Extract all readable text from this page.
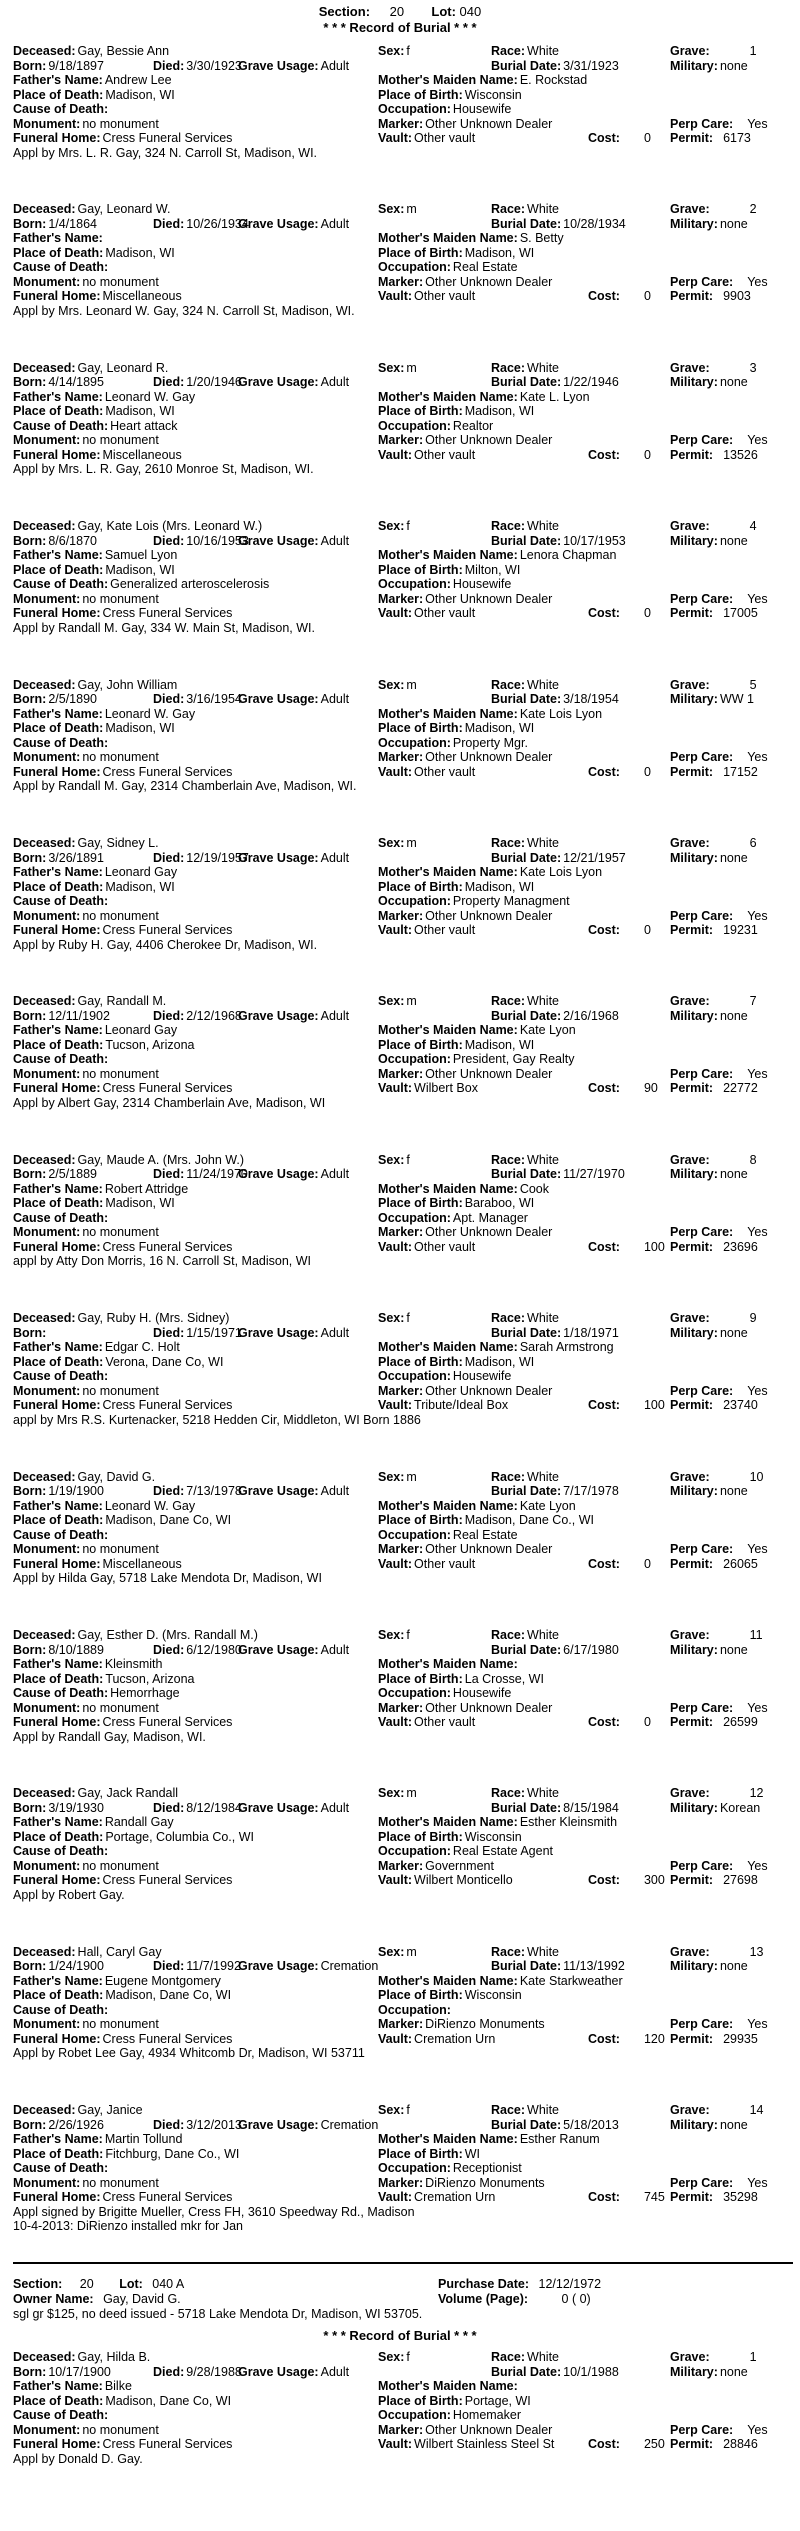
Section: 20 Lot: 040
* * * Record of Burial * * *
Deceased: Gay, Bessie Ann
Born: 9/18/1897	Died: 3/30/1923
Grave Usage: Adult
Father's Name: Andrew Lee
Place of Death: Madison, WI
Cause of Death:
Monument: no monument
Funeral Home: Cress Funeral Services
Sex: f	Race: White
Burial Date: 3/31/1923
Mother's Maiden Name: E. Rockstad
Place of Birth: Wisconsin
Occupation: Housewife
Marker: Other Unknown Dealer
Vault: Other vault	Cost: 0
Grave:	1
Military: none
Perp Care: Yes
Permit: 6173
Appl by Mrs. L. R. Gay, 324 N. Carroll St, Madison, WI.
Deceased: Gay, Leonard W.
Born: 1/4/1864	Died: 10/26/1934
Grave Usage: Adult
Father's Name:
Place of Death: Madison, WI
Cause of Death:
Monument: no monument
Funeral Home: Miscellaneous
Sex: m	Race: White
Burial Date: 10/28/1934
Mother's Maiden Name: S. Betty
Place of Birth: Madison, WI
Occupation: Real Estate
Marker: Other Unknown Dealer
Vault: Other vault	Cost: 0
Grave:	2
Military: none
Perp Care: Yes
Permit: 9903
Appl by Mrs. Leonard W. Gay, 324 N. Carroll St, Madison, WI.
Deceased: Gay, Leonard R.
Born: 4/14/1895	Died: 1/20/1946
Grave Usage: Adult
Father's Name: Leonard W. Gay
Place of Death: Madison, WI
Cause of Death: Heart attack
Monument: no monument
Funeral Home: Miscellaneous
Sex: m	Race: White
Burial Date: 1/22/1946
Mother's Maiden Name: Kate L. Lyon
Place of Birth: Madison, WI
Occupation: Realtor
Marker: Other Unknown Dealer
Vault: Other vault	Cost: 0
Grave:	3
Military: none
Perp Care: Yes
Permit: 13526
Appl by Mrs. L. R. Gay, 2610 Monroe St, Madison, WI.
Deceased: Gay, Kate Lois (Mrs. Leonard W.)
Born: 8/6/1870	Died: 10/16/1953
Grave Usage: Adult
Father's Name: Samuel Lyon
Place of Death: Madison, WI
Cause of Death: Generalized arteroscelerosis
Monument: no monument
Funeral Home: Cress Funeral Services
Sex: f	Race: White
Burial Date: 10/17/1953
Mother's Maiden Name: Lenora Chapman
Place of Birth: Milton, WI
Occupation: Housewife
Marker: Other Unknown Dealer
Vault: Other vault	Cost: 0
Grave:	4
Military: none
Perp Care: Yes
Permit: 17005
Appl by Randall M. Gay, 334 W. Main St, Madison, WI.
Deceased: Gay, John William
Born: 2/5/1890	Died: 3/16/1954
Grave Usage: Adult
Father's Name: Leonard W. Gay
Place of Death: Madison, WI
Cause of Death:
Monument: no monument
Funeral Home: Cress Funeral Services
Sex: m	Race: White
Burial Date: 3/18/1954
Mother's Maiden Name: Kate Lois Lyon
Place of Birth: Madison, WI
Occupation: Property Mgr.
Marker: Other Unknown Dealer
Vault: Other vault	Cost: 0
Grave:	5
Military: WW 1
Perp Care: Yes
Permit: 17152
Appl by Randall M. Gay, 2314 Chamberlain Ave, Madison, WI.
Deceased: Gay, Sidney L.
Born: 3/26/1891	Died: 12/19/1957
Grave Usage: Adult
Father's Name: Leonard Gay
Place of Death: Madison, WI
Cause of Death:
Monument: no monument
Funeral Home: Cress Funeral Services
Sex: m	Race: White
Burial Date: 12/21/1957
Mother's Maiden Name: Kate Lois Lyon
Place of Birth: Madison, WI
Occupation: Property Managment
Marker: Other Unknown Dealer
Vault: Other vault	Cost: 0
Grave:	6
Military: none
Perp Care: Yes
Permit: 19231
Appl by Ruby H. Gay, 4406 Cherokee Dr, Madison, WI.
Deceased: Gay, Randall M.
Born: 12/11/1902	Died: 2/12/1968
Grave Usage: Adult
Father's Name: Leonard Gay
Place of Death: Tucson, Arizona
Cause of Death:
Monument: no monument
Funeral Home: Cress Funeral Services
Sex: m	Race: White
Burial Date: 2/16/1968
Mother's Maiden Name: Kate Lyon
Place of Birth: Madison, WI
Occupation: President, Gay Realty
Marker: Other Unknown Dealer
Vault: Wilbert Box	Cost: 90
Grave:	7
Military: none
Perp Care: Yes
Permit: 22772
Appl by Albert Gay, 2314 Chamberlain Ave, Madison, WI
Deceased: Gay, Maude A. (Mrs. John W.)
Born: 2/5/1889	Died: 11/24/1970
Grave Usage: Adult
Father's Name: Robert Attridge
Place of Death: Madison, WI
Cause of Death:
Monument: no monument
Funeral Home: Cress Funeral Services
Sex: f	Race: White
Burial Date: 11/27/1970
Mother's Maiden Name: Cook
Place of Birth: Baraboo, WI
Occupation: Apt. Manager
Marker: Other Unknown Dealer
Vault: Other vault	Cost: 100
Grave:	8
Military: none
Perp Care: Yes
Permit: 23696
appl by Atty Don Morris, 16 N. Carroll St, Madison, WI
Deceased: Gay, Ruby H. (Mrs. Sidney)
Born:	Died: 1/15/1971
Grave Usage: Adult
Father's Name: Edgar C. Holt
Place of Death: Verona, Dane Co, WI
Cause of Death:
Monument: no monument
Funeral Home: Cress Funeral Services
Sex: f	Race: White
Burial Date: 1/18/1971
Mother's Maiden Name: Sarah Armstrong
Place of Birth: Madison, WI
Occupation: Housewife
Marker: Other Unknown Dealer
Vault: Tribute/Ideal Box	Cost: 100
Grave:	9
Military: none
Perp Care: Yes
Permit: 23740
appl by Mrs R.S. Kurtenacker, 5218 Hedden Cir, Middleton, WI Born 1886
Deceased: Gay, David G.
Born: 1/19/1900	Died: 7/13/1978
Grave Usage: Adult
Father's Name: Leonard W. Gay
Place of Death: Madison, Dane Co, WI
Cause of Death:
Monument: no monument
Funeral Home: Miscellaneous
Sex: m	Race: White
Burial Date: 7/17/1978
Mother's Maiden Name: Kate Lyon
Place of Birth: Madison, Dane Co., WI
Occupation: Real Estate
Marker: Other Unknown Dealer
Vault: Other vault	Cost: 0
Grave:	10
Military: none
Perp Care: Yes
Permit: 26065
Appl by Hilda Gay, 5718 Lake Mendota Dr, Madison, WI
Deceased: Gay, Esther D. (Mrs. Randall M.)
Born: 8/10/1889	Died: 6/12/1980
Grave Usage: Adult
Father's Name: Kleinsmith
Place of Death: Tucson, Arizona
Cause of Death: Hemorrhage
Monument: no monument
Funeral Home: Cress Funeral Services
Sex: f	Race: White
Burial Date: 6/17/1980
Mother's Maiden Name:
Place of Birth: La Crosse, WI
Occupation: Housewife
Marker: Other Unknown Dealer
Vault: Other vault	Cost: 0
Grave:	11
Military: none
Perp Care: Yes
Permit: 26599
Appl by Randall Gay, Madison, WI.
Deceased: Gay, Jack Randall
Born: 3/19/1930	Died: 8/12/1984
Grave Usage: Adult
Father's Name: Randall Gay
Place of Death: Portage, Columbia Co., WI
Cause of Death:
Monument: no monument
Funeral Home: Cress Funeral Services
Sex: m	Race: White
Burial Date: 8/15/1984
Mother's Maiden Name: Esther Kleinsmith
Place of Birth: Wisconsin
Occupation: Real Estate Agent
Marker: Government
Vault: Wilbert Monticello	Cost: 300
Grave:	12
Military: Korean
Perp Care: Yes
Permit: 27698
Appl by Robert Gay.
Deceased: Hall, Caryl Gay
Born: 1/24/1900	Died: 11/7/1992
Grave Usage: Cremation
Father's Name: Eugene Montgomery
Place of Death: Madison, Dane Co, WI
Cause of Death:
Monument: no monument
Funeral Home: Cress Funeral Services
Sex: m	Race: White
Burial Date: 11/13/1992
Mother's Maiden Name: Kate Starkweather
Place of Birth: Wisconsin
Occupation:
Marker: DiRienzo Monuments
Vault: Cremation Urn	Cost: 120
Grave:	13
Military: none
Perp Care: Yes
Permit: 29935
Appl by Robet Lee Gay, 4934 Whitcomb Dr, Madison, WI 53711
Deceased: Gay, Janice
Born: 2/26/1926	Died: 3/12/2013
Grave Usage: Cremation
Father's Name: Martin Tollund
Place of Death: Fitchburg, Dane Co., WI
Cause of Death:
Monument: no monument
Funeral Home: Cress Funeral Services
Sex: f	Race: White
Burial Date: 5/18/2013
Mother's Maiden Name: Esther Ranum
Place of Birth: WI
Occupation: Receptionist
Marker: DiRienzo Monuments
Vault: Cremation Urn	Cost: 745
Grave:	14
Military: none
Perp Care: Yes
Permit: 35298
Appl signed by Brigitte Mueller, Cress FH, 3610 Speedway Rd., Madison
10-4-2013: DiRienzo installed mkr for Jan
Section: 20 Lot: 040 A	Purchase Date: 12/12/1972
Owner Name: Gay, David G.	Volume (Page):	0 ( 0)
sgl gr $125, no deed issued - 5718 Lake Mendota Dr, Madison, WI 53705.
* * * Record of Burial * * *
Deceased: Gay, Hilda B.
Born: 10/17/1900	Died: 9/28/1988
Grave Usage: Adult
Father's Name: Bilke
Place of Death: Madison, Dane Co, WI
Cause of Death:
Monument: no monument
Funeral Home: Cress Funeral Services
Sex: f	Race: White
Burial Date: 10/1/1988
Mother's Maiden Name:
Place of Birth: Portage, WI
Occupation: Homemaker
Marker: Other Unknown Dealer
Vault: Wilbert Stainless Steel St	Cost: 250
Grave:	1
Military: none
Perp Care: Yes
Permit: 28846
Appl by Donald D. Gay.
